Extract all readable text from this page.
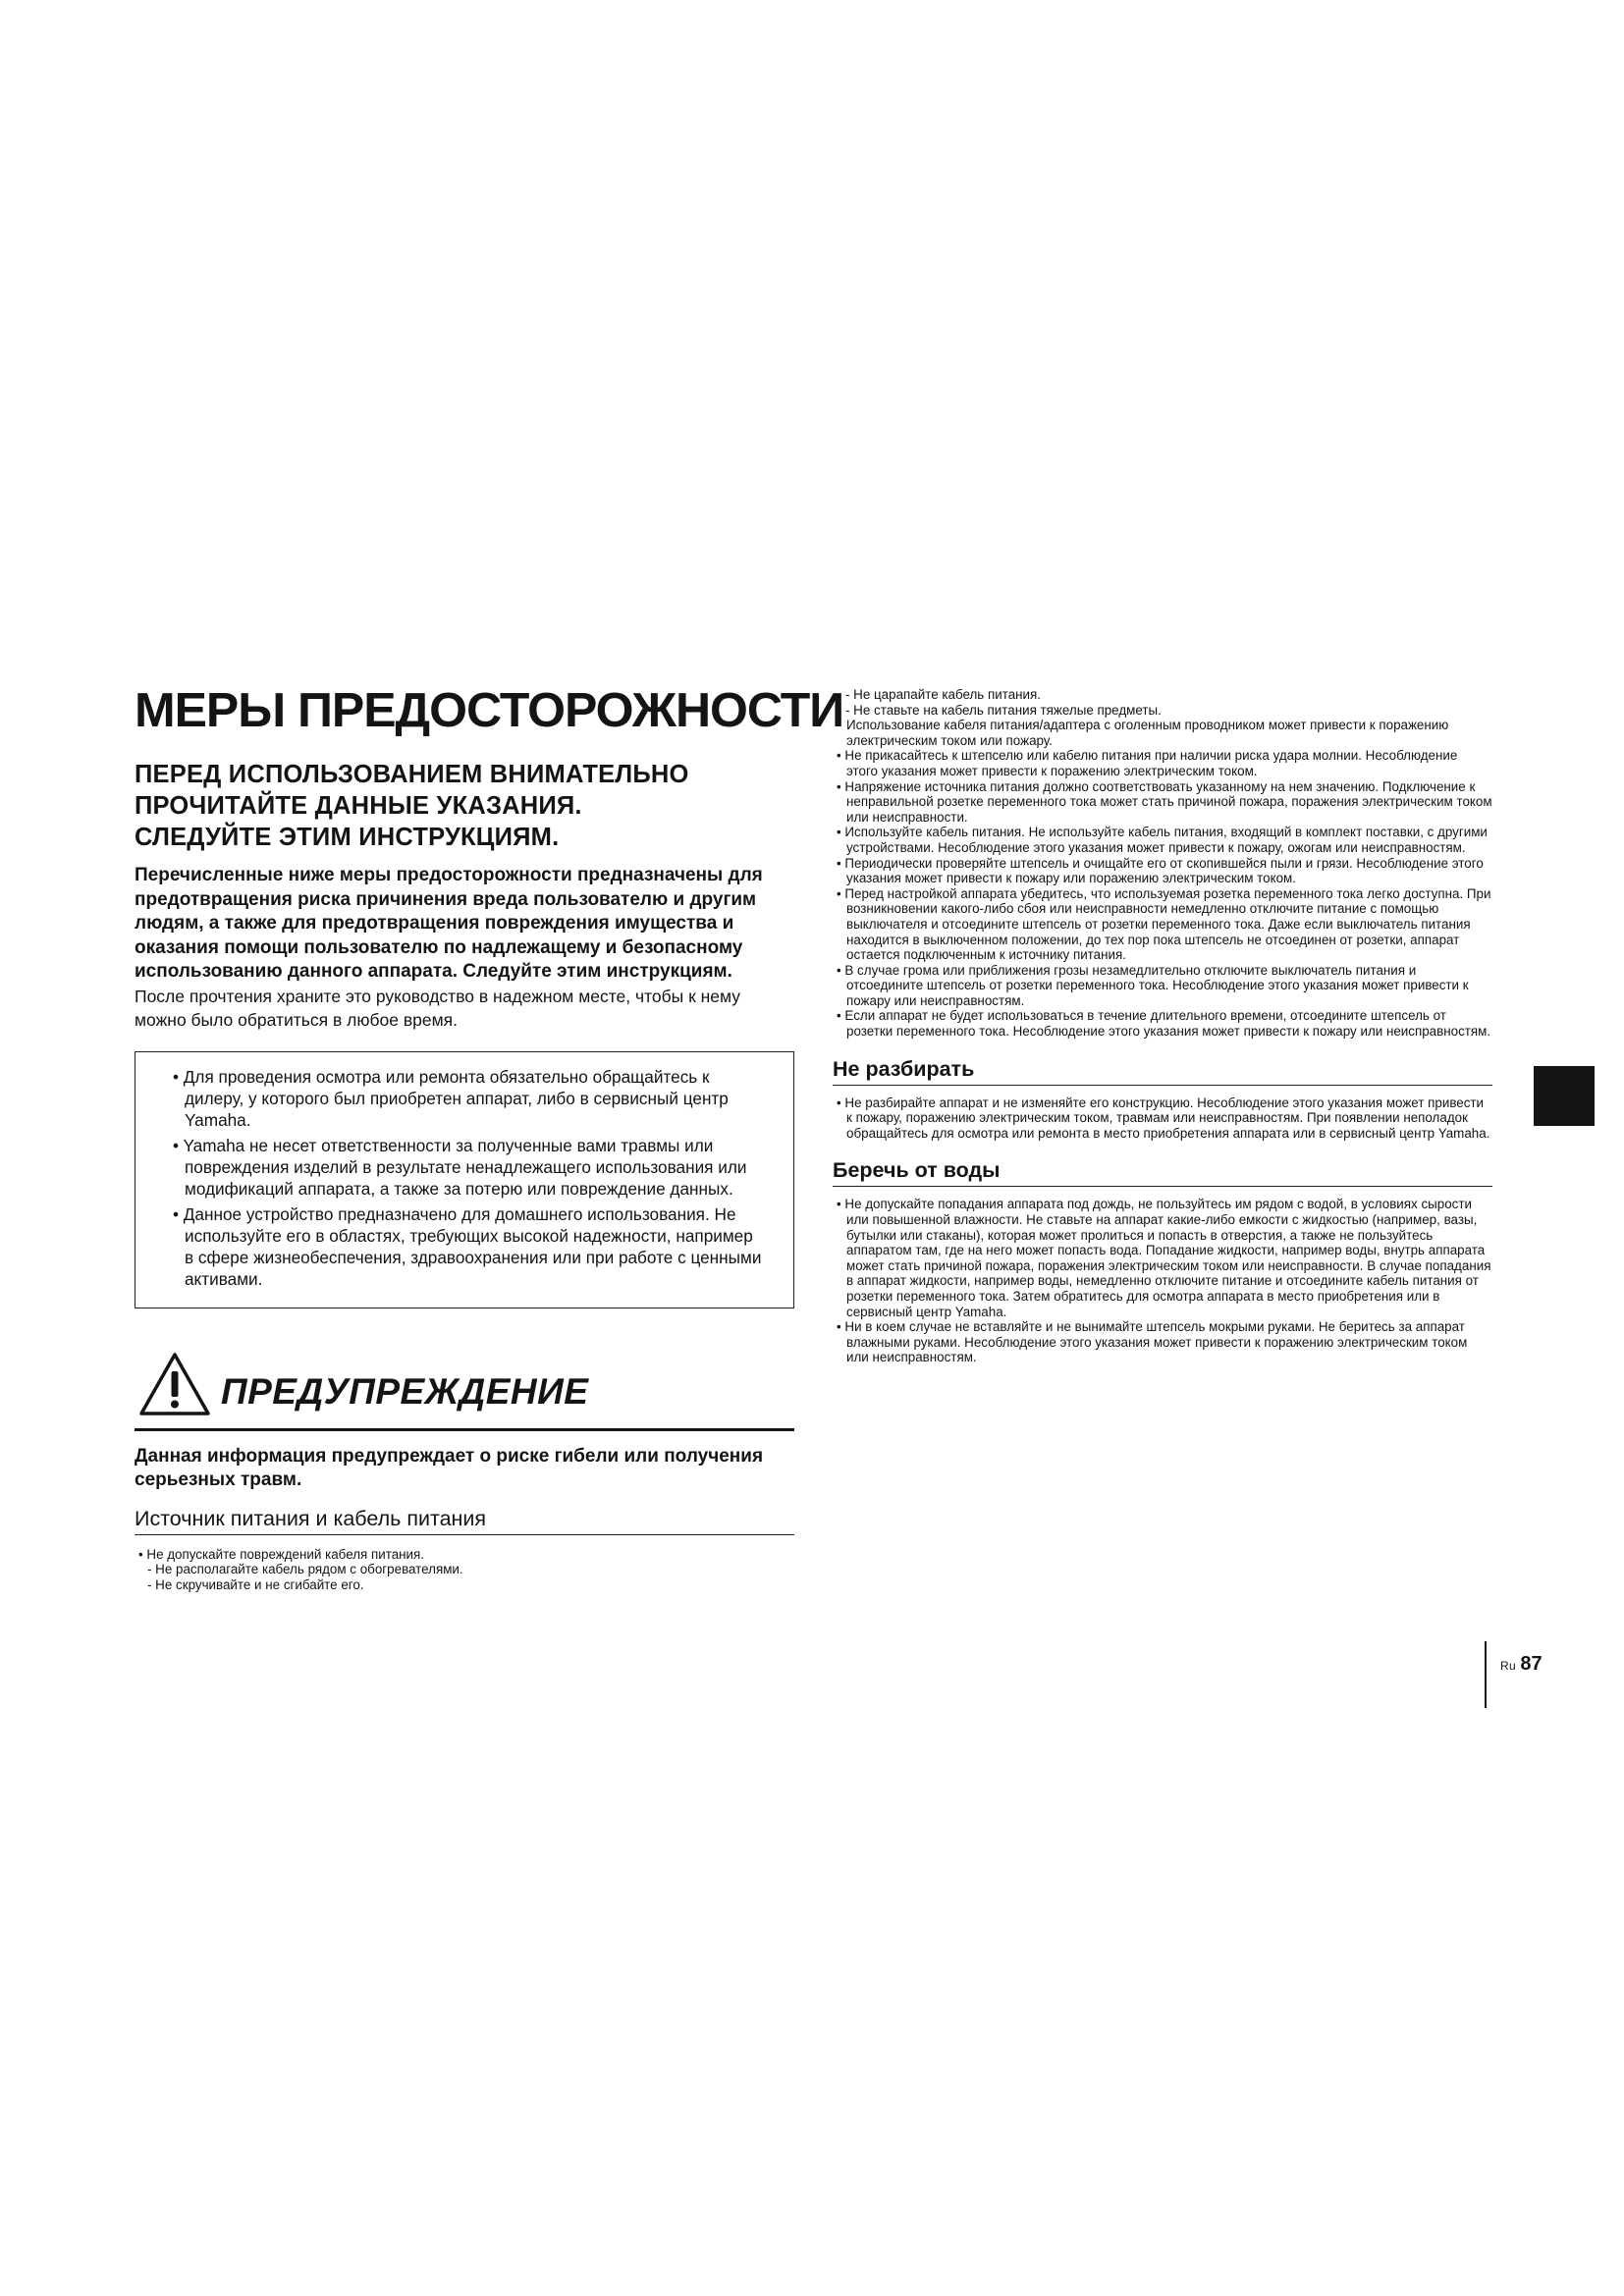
МЕРЫ ПРЕДОСТОРОЖНОСТИ
ПЕРЕД ИСПОЛЬЗОВАНИЕМ ВНИМАТЕЛЬНО
ПРОЧИТАЙТЕ ДАННЫЕ УКАЗАНИЯ.
СЛЕДУЙТЕ ЭТИМ ИНСТРУКЦИЯМ.

Перечисленные ниже меры предосторожности предназначены для предотвращения риска причинения вреда пользователю и другим людям, а также для предотвращения повреждения имущества и оказания помощи пользователю по надлежащему и безопасному использованию данного аппарата. Следуйте этим инструкциям.

После прочтения храните это руководство в надежном месте, чтобы к нему можно было обратиться в любое время.

• Для проведения осмотра или ремонта обязательно обращайтесь к дилеру, у которого был приобретен аппарат, либо в сервисный центр Yamaha.
• Yamaha не несет ответственности за полученные вами травмы или повреждения изделий в результате ненадлежащего использования или модификаций аппарата, а также за потерю или повреждение данных.
• Данное устройство предназначено для домашнего использования. Не используйте его в областях, требующих высокой надежности, например в сфере жизнеобеспечения, здравоохранения или при работе с ценными активами.
ПРЕДУПРЕЖДЕНИЕ

Данная информация предупреждает о риске гибели или получения серьезных травм.

Источник питания и кабель питания
• Не допускайте повреждений кабеля питания.
- Не располагайте кабель рядом с обогревателями.
- Не скручивайте и не сгибайте его.
- Не царапайте кабель питания.
- Не ставьте на кабель питания тяжелые предметы.
Использование кабеля питания/адаптера с оголенным проводником может привести к поражению электрическим током или пожару.
• Не прикасайтесь к штепселю или кабелю питания при наличии риска удара молнии. Несоблюдение этого указания может привести к поражению электрическим током.
• Напряжение источника питания должно соответствовать указанному на нем значению. Подключение к неправильной розетке переменного тока может стать причиной пожара, поражения электрическим током или неисправности.
• Используйте кабель питания. Не используйте кабель питания, входящий в комплект поставки, с другими устройствами. Несоблюдение этого указания может привести к пожару, ожогам или неисправностям.
• Периодически проверяйте штепсель и очищайте его от скопившейся пыли и грязи. Несоблюдение этого указания может привести к пожару или поражению электрическим током.
• Перед настройкой аппарата убедитесь, что используемая розетка переменного тока легко доступна. При возникновении какого-либо сбоя или неисправности немедленно отключите питание с помощью выключателя и отсоедините штепсель от розетки переменного тока. Даже если выключатель питания находится в выключенном положении, до тех пор пока штепсель не отсоединен от розетки, аппарат остается подключенным к источнику питания.
• В случае грома или приближения грозы незамедлительно отключите выключатель питания и отсоедините штепсель от розетки переменного тока. Несоблюдение этого указания может привести к пожару или неисправностям.
• Если аппарат не будет использоваться в течение длительного времени, отсоедините штепсель от розетки переменного тока. Несоблюдение этого указания может привести к пожару или неисправностям.
Не разбирать
• Не разбирайте аппарат и не изменяйте его конструкцию. Несоблюдение этого указания может привести к пожару, поражению электрическим током, травмам или неисправностям. При появлении неполадок обращайтесь для осмотра или ремонта в место приобретения аппарата или в сервисный центр Yamaha.
Беречь от воды
• Не допускайте попадания аппарата под дождь, не пользуйтесь им рядом с водой, в условиях сырости или повышенной влажности. Не ставьте на аппарат какие-либо емкости с жидкостью (например, вазы, бутылки или стаканы), которая может пролиться и попасть в отверстия, а также не пользуйтесь аппаратом там, где на него может попасть вода. Попадание жидкости, например воды, внутрь аппарата может стать причиной пожара, поражения электрическим током или неисправности. В случае попадания в аппарат жидкости, например воды, немедленно отключите питание и отсоедините кабель питания от розетки переменного тока. Затем обратитесь для осмотра аппарата в место приобретения или в сервисный центр Yamaha.
• Ни в коем случае не вставляйте и не вынимайте штепсель мокрыми руками. Не беритесь за аппарат влажными руками. Несоблюдение этого указания может привести к поражению электрическим током или неисправностям.
Ru 87
